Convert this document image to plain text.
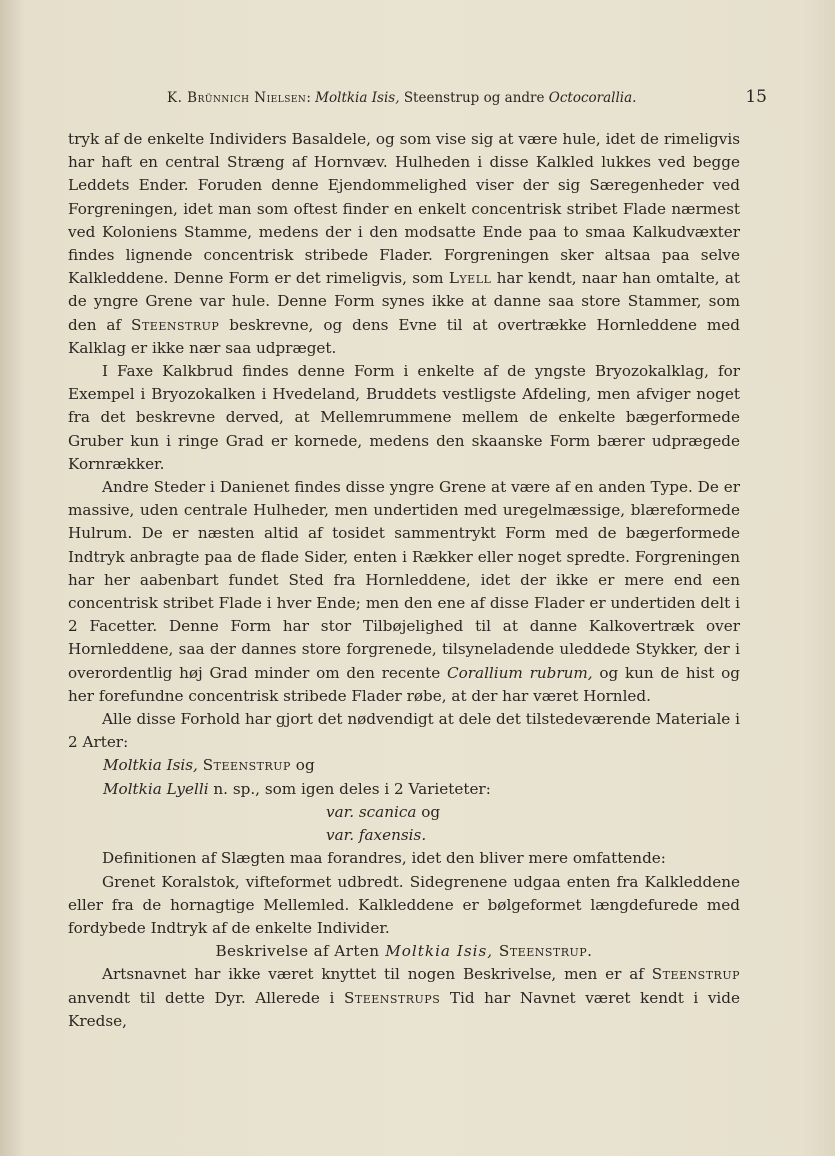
K. Brünnich Nielsen: Moltkia Isis, Steenstrup og andre Octocorallia.	15

tryk af de enkelte Individers Basaldele, og som vise sig at være hule, idet de rimeligvis har haft en central Stræng af Hornvæv. Hulheden i disse Kalkled lukkes ved begge Leddets Ender. Foruden denne Ejendommelighed viser der sig Særegenheder ved Forgreningen, idet man som oftest finder en enkelt concentrisk stribet Flade nærmest ved Koloniens Stamme, medens der i den modsatte Ende paa to smaa Kalkudvæxter findes lignende concentrisk stribede Flader. Forgreningen sker altsaa paa selve Kalkleddene. Denne Form er det rimeligvis, som Lyell har kendt, naar han omtalte, at de yngre Grene var hule. Denne Form synes ikke at danne saa store Stammer, som den af Steenstrup beskrevne, og dens Evne til at overtrække Hornleddene med Kalklag er ikke nær saa udpræget.

I Faxe Kalkbrud findes denne Form i enkelte af de yngste Bryozokalklag, for Exempel i Bryozokalken i Hvedeland, Bruddets vestligste Afdeling, men afviger noget fra det beskrevne derved, at Mellemrummene mellem de enkelte bægerformede Gruber kun i ringe Grad er kornede, medens den skaanske Form bærer udprægede Kornrækker.

Andre Steder i Danienet findes disse yngre Grene at være af en anden Type. De er massive, uden centrale Hulheder, men undertiden med uregelmæssige, blæreformede Hulrum. De er næsten altid af tosidet sammentrykt Form med de bægerformede Indtryk anbragte paa de flade Sider, enten i Rækker eller noget spredte. Forgreningen har her aabenbart fundet Sted fra Hornleddene, idet der ikke er mere end een concentrisk stribet Flade i hver Ende; men den ene af disse Flader er undertiden delt i 2 Facetter. Denne Form har stor Tilbøjelighed til at danne Kalkovertræk over Hornleddene, saa der dannes store forgrenede, tilsyneladende uleddede Stykker, der i overordentlig høj Grad minder om den recente Corallium rubrum, og kun de hist og her forefundne concentrisk stribede Flader røbe, at der har været Hornled.

Alle disse Forhold har gjort det nødvendigt at dele det tilstedeværende Materiale i 2 Arter:

Moltkia Isis, Steenstrup og

Moltkia Lyelli n. sp., som igen deles i 2 Varieteter:

var. scanica og

var. faxensis.

Definitionen af Slægten maa forandres, idet den bliver mere omfattende:

Grenet Koralstok, vifteformet udbredt. Sidegrenene udgaa enten fra Kalkleddene eller fra de hornagtige Mellemled. Kalkleddene er bølgeformet længdefurede med fordybede Indtryk af de enkelte Individer.

Beskrivelse af Arten Moltkia Isis, Steenstrup.

Artsnavnet har ikke været knyttet til nogen Beskrivelse, men er af Steenstrup anvendt til dette Dyr. Allerede i Steenstrups Tid har Navnet været kendt i vide Kredse,
